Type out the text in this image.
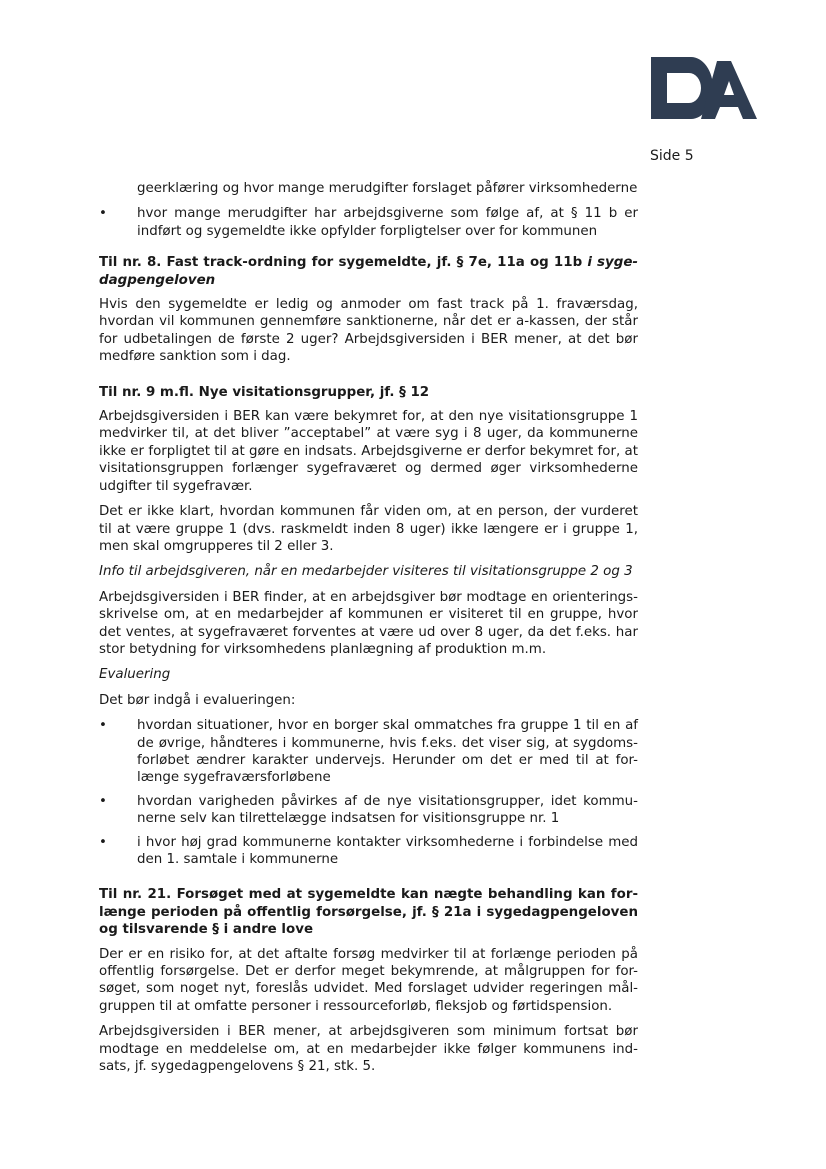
Side 5
geerklæring og hvor mange merudgifter forslaget påfører virksomhederne
• hvor mange merudgifter har arbejdsgiverne som følge af, at § 11 b er indført og sygemeldte ikke opfylder forpligtelser over for kommunen
Til nr. 8. Fast track-ordning for sygemeldte, jf. § 7e, 11a og 11b i syge-dagpengeloven

Hvis den sygemeldte er ledig og anmoder om fast track på 1. fraværsdag, hvordan vil kommunen gennemføre sanktionerne, når det er a-kassen, der står for udbetalingen de første 2 uger? Arbejdsgiversiden i BER mener, at det bør medføre sanktion som i dag.

Til nr. 9 m.fl. Nye visitationsgrupper, jf. § 12

Arbejdsgiversiden i BER kan være bekymret for, at den nye visitationsgruppe 1 medvirker til, at det bliver ”acceptabel” at være syg i 8 uger, da kommunerne ikke er forpligtet til at gøre en indsats. Arbejdsgiverne er derfor bekymret for, at visitationsgruppen forlænger sygefraværet og dermed øger virksomhederne udgifter til sygefravær.

Det er ikke klart, hvordan kommunen får viden om, at en person, der vurderet til at være gruppe 1 (dvs. raskmeldt inden 8 uger) ikke længere er i gruppe 1, men skal omgrupperes til 2 eller 3.

Info til arbejdsgiveren, når en medarbejder visiteres til visitationsgruppe 2 og 3

Arbejdsgiversiden i BER finder, at en arbejdsgiver bør modtage en orienterings-skrivelse om, at en medarbejder af kommunen er visiteret til en gruppe, hvor det ventes, at sygefraværet forventes at være ud over 8 uger, da det f.eks. har stor betydning for virksomhedens planlægning af produktion m.m.

Evaluering

Det bør indgå i evalueringen:

• hvordan situationer, hvor en borger skal ommatches fra gruppe 1 til en af de øvrige, håndteres i kommunerne, hvis f.eks. det viser sig, at sygdoms-forløbet ændrer karakter undervejs. Herunder om det er med til at for-længe sygefraværsforløbene
• hvordan varigheden påvirkes af de nye visitationsgrupper, idet kommu-nerne selv kan tilrettelægge indsatsen for visitionsgruppe nr. 1
• i hvor høj grad kommunerne kontakter virksomhederne i forbindelse med den 1. samtale i kommunerne
Til nr. 21. Forsøget med at sygemeldte kan nægte behandling kan for-længe perioden på offentlig forsørgelse, jf. § 21a i sygedagpengeloven og tilsvarende § i andre love

Der er en risiko for, at det aftalte forsøg medvirker til at forlænge perioden på offentlig forsørgelse. Det er derfor meget bekymrende, at målgruppen for for-søget, som noget nyt, foreslås udvidet. Med forslaget udvider regeringen mål-gruppen til at omfatte personer i ressourceforløb, fleksjob og førtidspension.

Arbejdsgiversiden i BER mener, at arbejdsgiveren som minimum fortsat bør modtage en meddelelse om, at en medarbejder ikke følger kommunens ind-sats, jf. sygedagpengelovens § 21, stk. 5.
